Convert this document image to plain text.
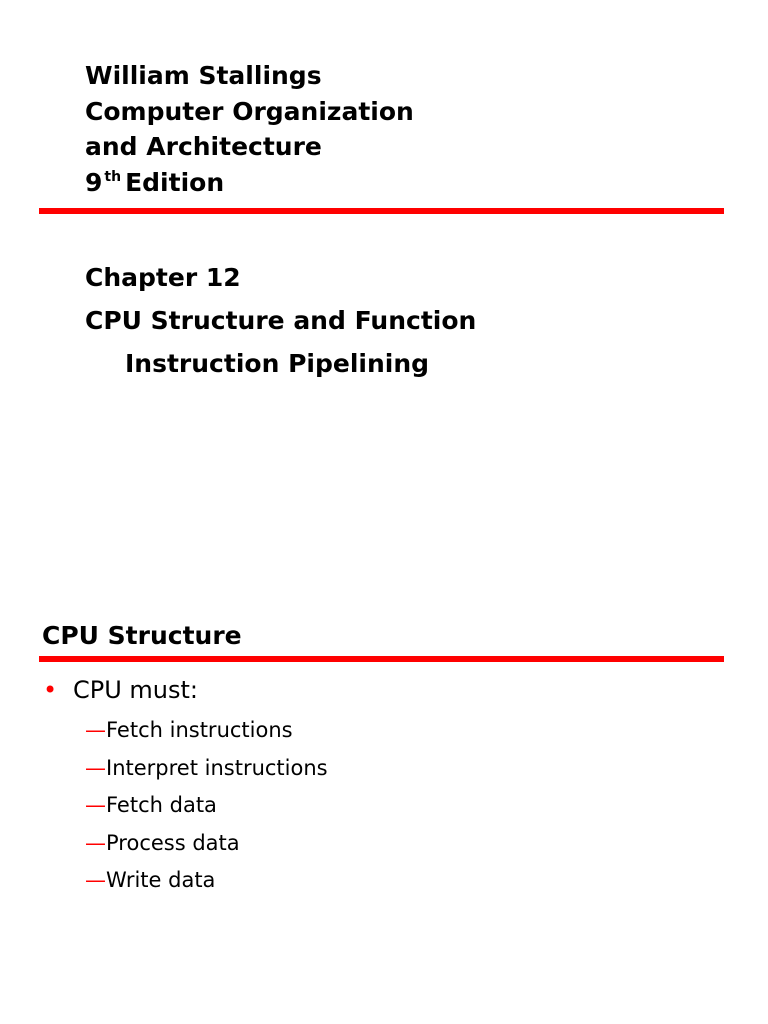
William Stallings
Computer Organization
and Architecture
9 $^{th}$ Edition
Chapter 12
CPU Structure and Function
Instruction Pipelining
CPU Structure
• CPU must:
—Fetch instructions
—Interpret instructions
—Fetch data
—Process data
—Write data
